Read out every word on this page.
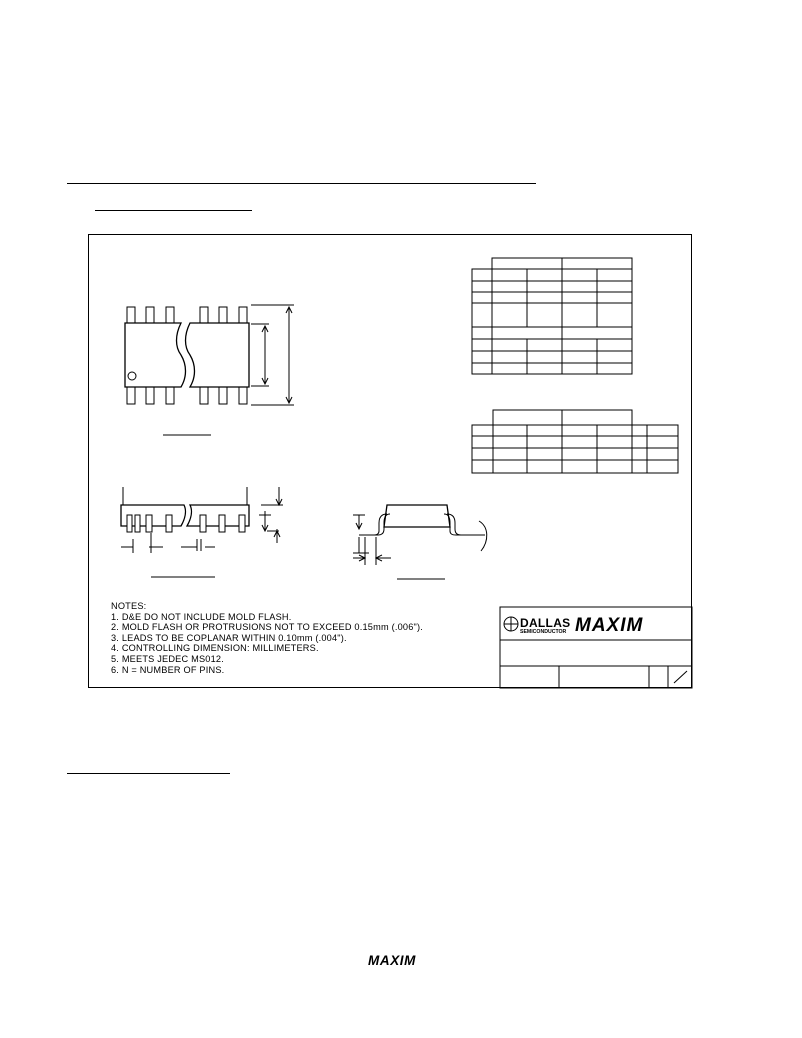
DALLAS
SEMICONDUCTOR MAXIM
NOTES:
1. D&E DO NOT INCLUDE MOLD FLASH.
2. MOLD FLASH OR PROTRUSIONS NOT TO EXCEED 0.15mm (.006").
3. LEADS TO BE COPLANAR WITHIN 0.10mm (.004").
4. CONTROLLING DIMENSION: MILLIMETERS.
5. MEETS JEDEC MS012.
6. N = NUMBER OF PINS.
MAXIM
